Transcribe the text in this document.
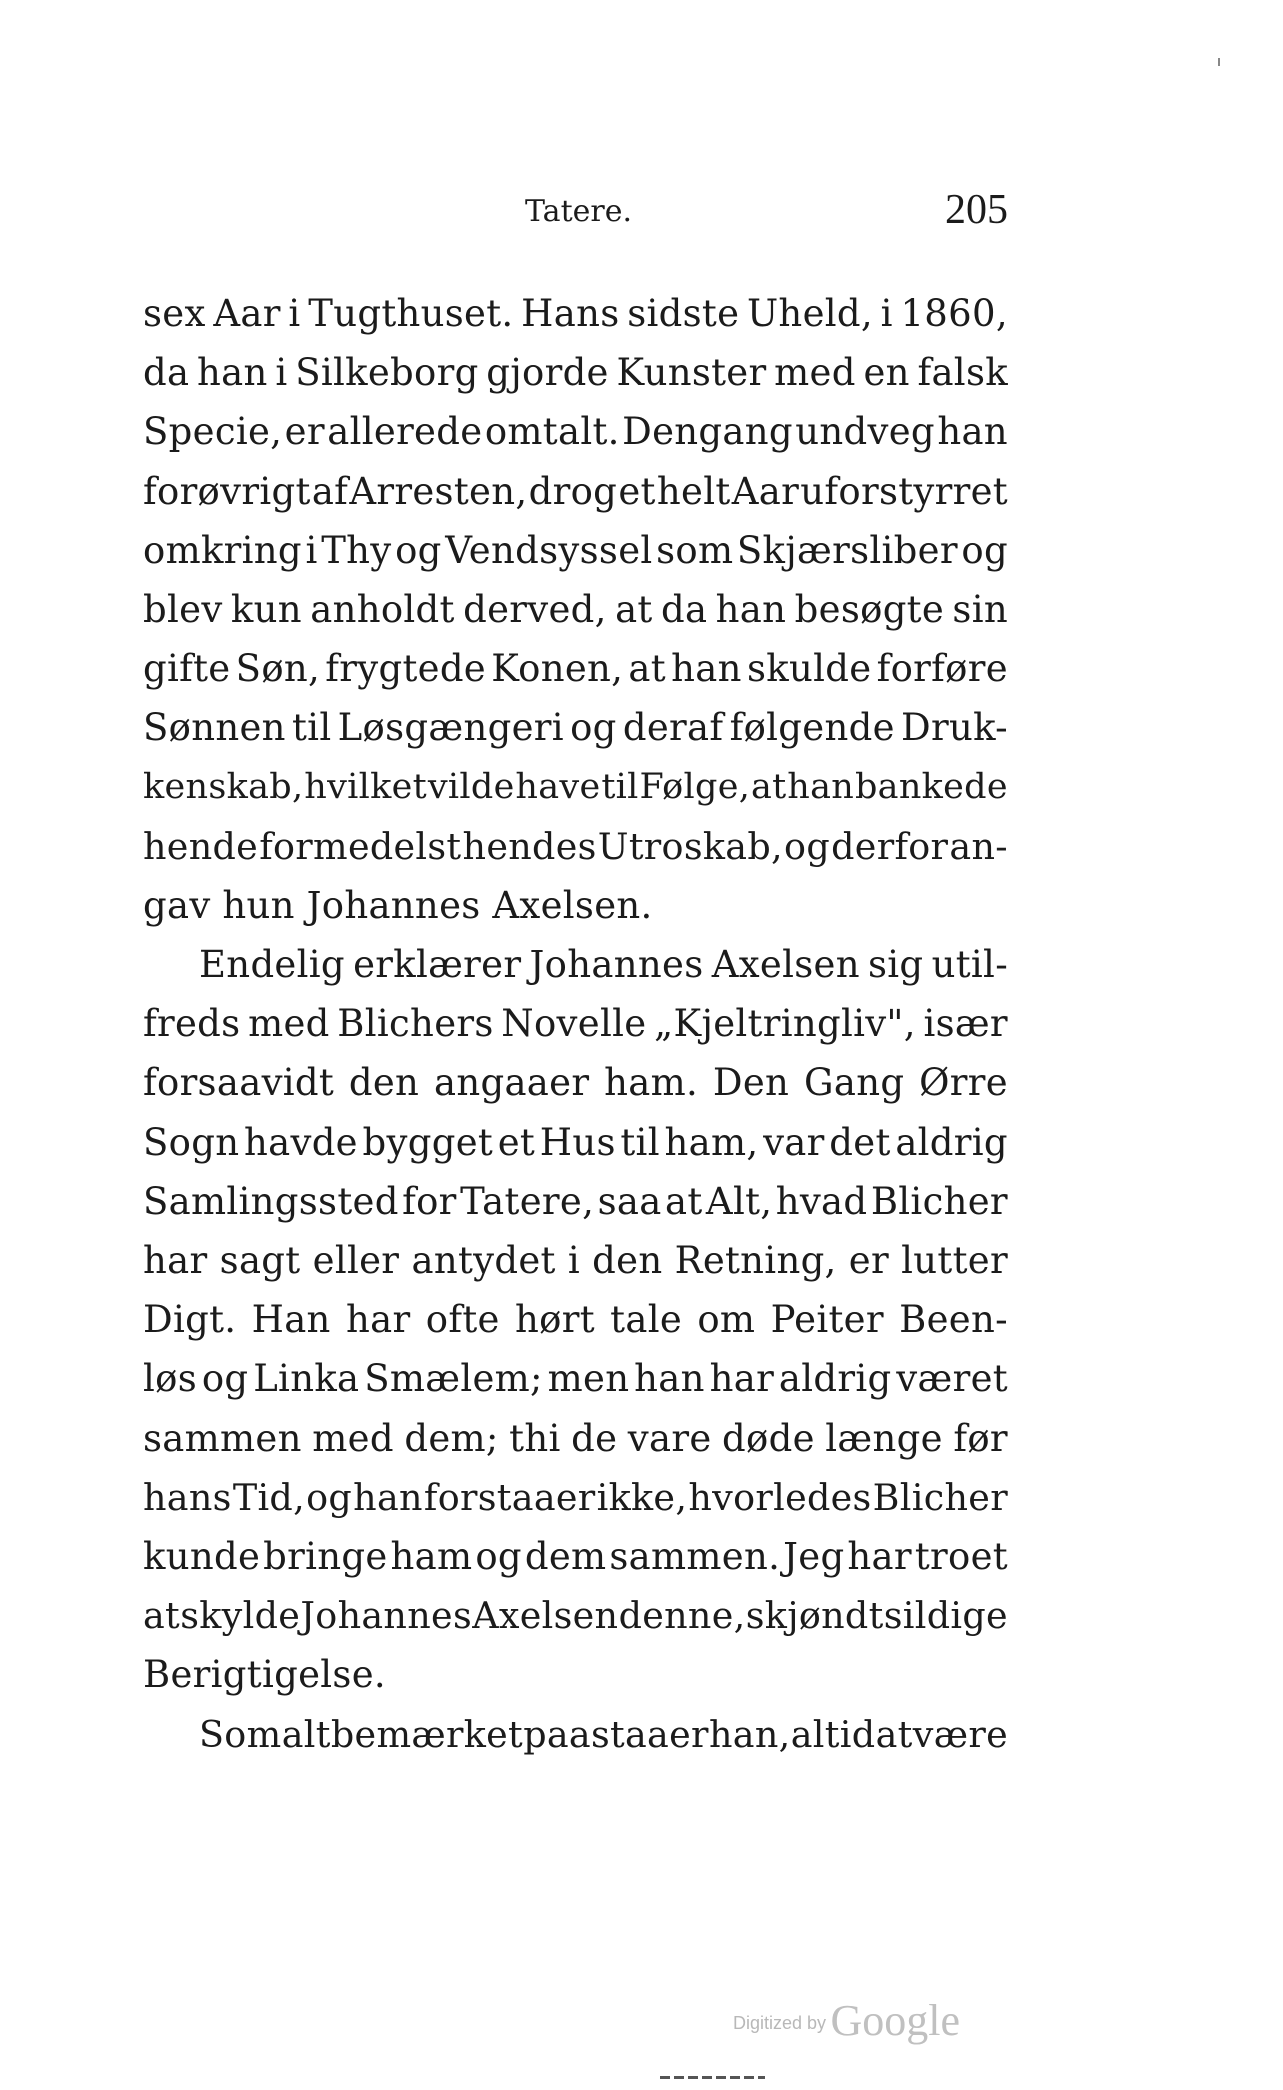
Tatere.	205
sex Aar i Tugthuset. Hans sidste Uheld, i 1860,
da han i Silkeborg gjorde Kunster med en falsk
Specie, er allerede omtalt. Dengang undveg han
forøvrigt af Arresten, drog et helt Aar uforstyrret
omkring i Thy og Vendsyssel som Skjærsliber og
blev kun anholdt derved, at da han besøgte sin
gifte Søn, frygtede Konen, at han skulde forføre
Sønnen til Løsgængeri og deraf følgende Druk-
kenskab, hvilket vilde have til Følge, at han bankede
hende formedelst hendes Utroskab, og derfor an-
gav hun Johannes Axelsen.
Endelig erklærer Johannes Axelsen sig util-
freds med Blichers Novelle „Kjeltringliv", især
forsaavidt den angaaer ham. Den Gang Ørre
Sogn havde bygget et Hus til ham, var det aldrig
Samlingssted for Tatere, saa at Alt, hvad Blicher
har sagt eller antydet i den Retning, er lutter
Digt. Han har ofte hørt tale om Peiter Been-
løs og Linka Smælem; men han har aldrig været
sammen med dem; thi de vare døde længe før
hans Tid, og han forstaaer ikke, hvorledes Blicher
kunde bringe ham og dem sammen. Jeg har troet
at skylde Johannes Axelsen denne, skjøndt sildige
Berigtigelse.
Som alt bemærket paastaaer han, altid at være
Digitized by Google
